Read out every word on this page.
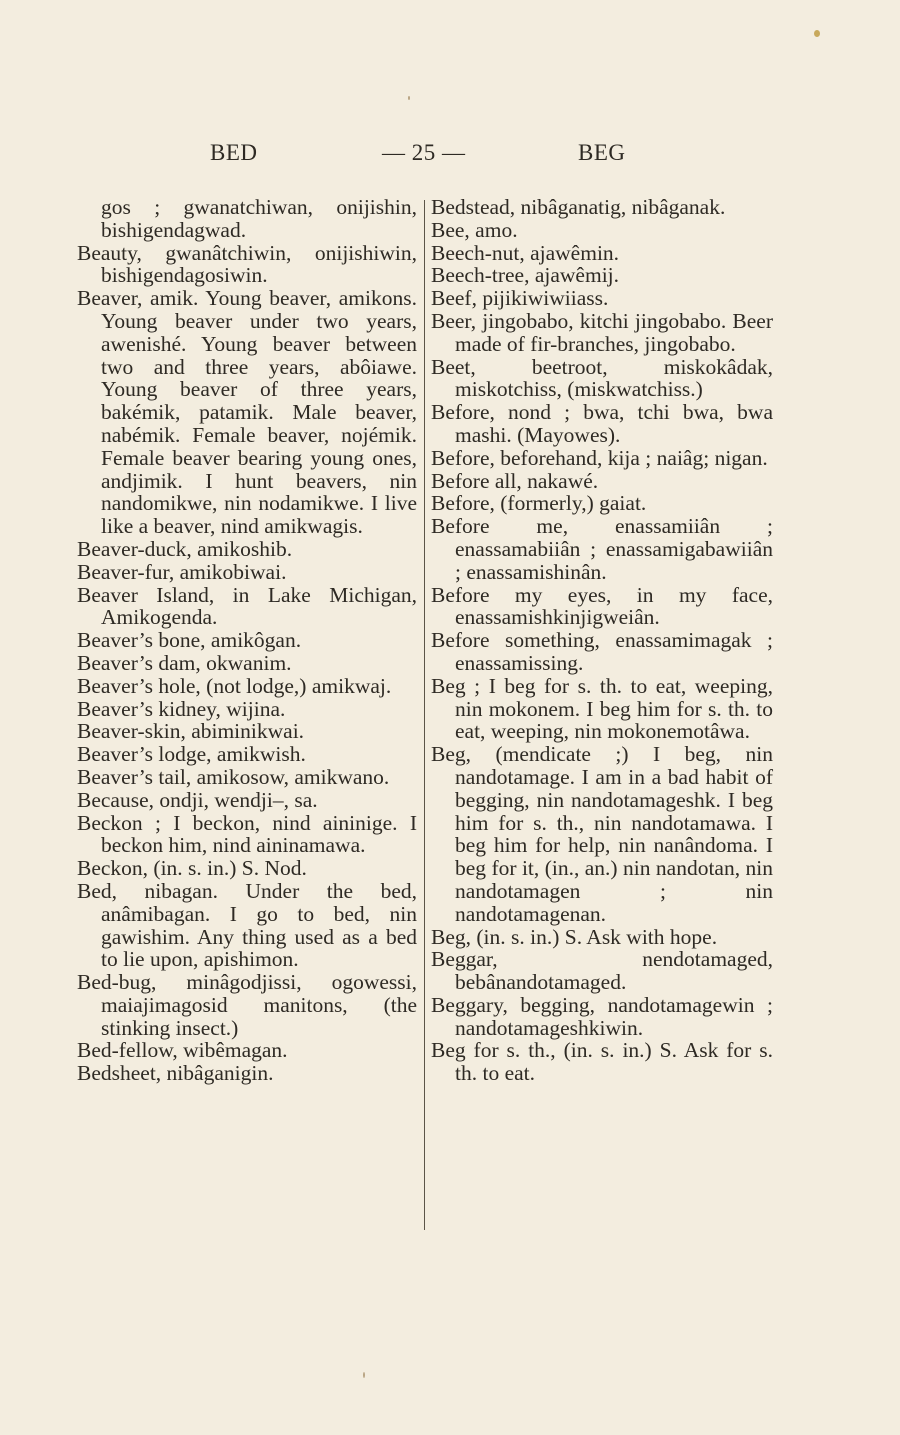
BED	— 25 —	BEG

gos ; gwanatchiwan, onijishin, bishigendagwad.

Beauty, gwanâtchiwin, onijishiwin, bishigendagosiwin.

Beaver, amik. Young beaver, amikons. Young beaver under two years, awenishé. Young beaver between two and three years, abôiawe. Young beaver of three years, bakémik, patamik. Male beaver, nabémik. Female beaver, nojémik. Female beaver bearing young ones, andjimik. I hunt beavers, nin nandomikwe, nin nodamikwe. I live like a beaver, nind amikwagis.

Beaver-duck, amikoshib.

Beaver-fur, amikobiwai.

Beaver Island, in Lake Michigan, Amikogenda.

Beaver’s bone, amikôgan.

Beaver’s dam, okwanim.

Beaver’s hole, (not lodge,) amikwaj.

Beaver’s kidney, wijina.

Beaver-skin, abiminikwai.

Beaver’s lodge, amikwish.

Beaver’s tail, amikosow, amikwano.

Because, ondji, wendji–, sa.

Beckon ; I beckon, nind aininige. I beckon him, nind aininamawa.

Beckon, (in. s. in.) S. Nod.

Bed, nibagan. Under the bed, anâmibagan. I go to bed, nin gawishim. Any thing used as a bed to lie upon, apishimon.

Bed-bug, minâgodjissi, ogowessi, maiajimagosid manitons, (the stinking insect.)

Bed-fellow, wibêmagan.

Bedsheet, nibâganigin.

Bedstead, nibâganatig, nibâganak.

Bee, amo.

Beech-nut, ajawêmin.

Beech-tree, ajawêmij.

Beef, pijikiwiwiiass.

Beer, jingobabo, kitchi jingobabo. Beer made of fir-branches, jingobabo.

Beet, beetroot, miskokâdak, miskotchiss, (miskwatchiss.)

Before, nond ; bwa, tchi bwa, bwa mashi. (Mayowes).

Before, beforehand, kija ; naiâg; nigan.

Before all, nakawé.

Before, (formerly,) gaiat.

Before me, enassamiiân ; enassamabiiân ; enassamigabawiiân ; enassamishinân.

Before my eyes, in my face, enassamishkinjigweiân.

Before something, enassamimagak ; enassamissing.

Beg ; I beg for s. th. to eat, weeping, nin mokonem. I beg him for s. th. to eat, weeping, nin mokonemotâwa.

Beg, (mendicate ;) I beg, nin nandotamage. I am in a bad habit of begging, nin nandotamageshk. I beg him for s. th., nin nandotamawa. I beg him for help, nin nanândoma. I beg for it, (in., an.) nin nandotan, nin nandotamagen ; nin nandotamagenan.

Beg, (in. s. in.) S. Ask with hope.

Beggar, nendotamaged, bebânandotamaged.

Beggary, begging, nandotamagewin ; nandotamageshkiwin.

Beg for s. th., (in. s. in.) S. Ask for s. th. to eat.
